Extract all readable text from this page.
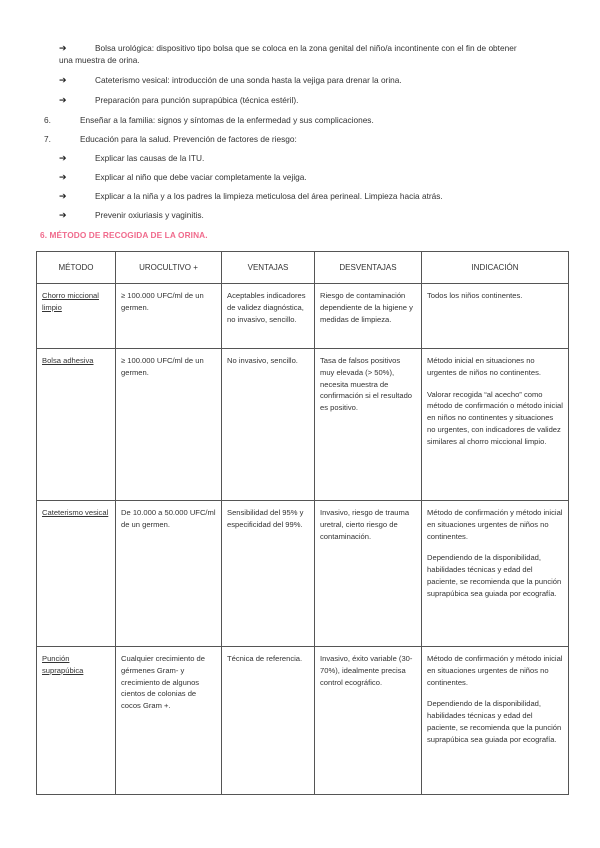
➔	Bolsa urológica: dispositivo tipo bolsa que se coloca en la zona genital del niño/a incontinente con el fin de obtener
una muestra de orina.
➔	Cateterismo vesical: introducción de una sonda hasta la vejiga para drenar la orina.
➔	Preparación para punción suprapúbica (técnica estéril).
6.	Enseñar a la familia: signos y síntomas de la enfermedad y sus complicaciones.
7.	Educación para la salud. Prevención de factores de riesgo:
➔	Explicar las causas de la ITU.
➔	Explicar al niño que debe vaciar completamente la vejiga.
➔	Explicar a la niña y a los padres la limpieza meticulosa del área perineal. Limpieza hacia atrás.
➔	Prevenir oxiuriasis y vaginitis.
6. MÉTODO DE RECOGIDA DE LA ORINA.
MÉTODO	UROCULTIVO +	VENTAJAS	DESVENTAJAS	INDICACIÓN
Chorro miccional limpio	≥ 100.000 UFC/ml de un germen.	Aceptables indicadores de validez diagnóstica, no invasivo, sencillo.	Riesgo de contaminación dependiente de la higiene y medidas de limpieza.	Todos los niños continentes.

Bolsa adhesiva	≥ 100.000 UFC/ml de un germen.	No invasivo, sencillo.	Tasa de falsos positivos muy elevada (> 50%), necesita muestra de confirmación si el resultado es positivo.	Método inicial en situaciones no urgentes de niños no continentes.

Valorar recogida “al acecho” como método de confirmación o método inicial en niños no continentes y situaciones no urgentes, con indicadores de validez similares al chorro miccional limpio.

Cateterismo vesical	De 10.000 a 50.000 UFC/ml de un germen.	Sensibilidad del 95% y especificidad del 99%.	Invasivo, riesgo de trauma uretral, cierto riesgo de contaminación.	Método de confirmación y método inicial en situaciones urgentes de niños no continentes.

Dependiendo de la disponibilidad, habilidades técnicas y edad del paciente, se recomienda que la punción suprapúbica sea guiada por ecografía.

Punción suprapúbica	Cualquier crecimiento de gérmenes Gram- y crecimiento de algunos cientos de colonias de cocos Gram +.	Técnica de referencia.	Invasivo, éxito variable (30-70%), idealmente precisa control ecográfico.	Método de confirmación y método inicial en situaciones urgentes de niños no continentes.

Dependiendo de la disponibilidad, habilidades técnicas y edad del paciente, se recomienda que la punción suprapúbica sea guiada por ecografía.
